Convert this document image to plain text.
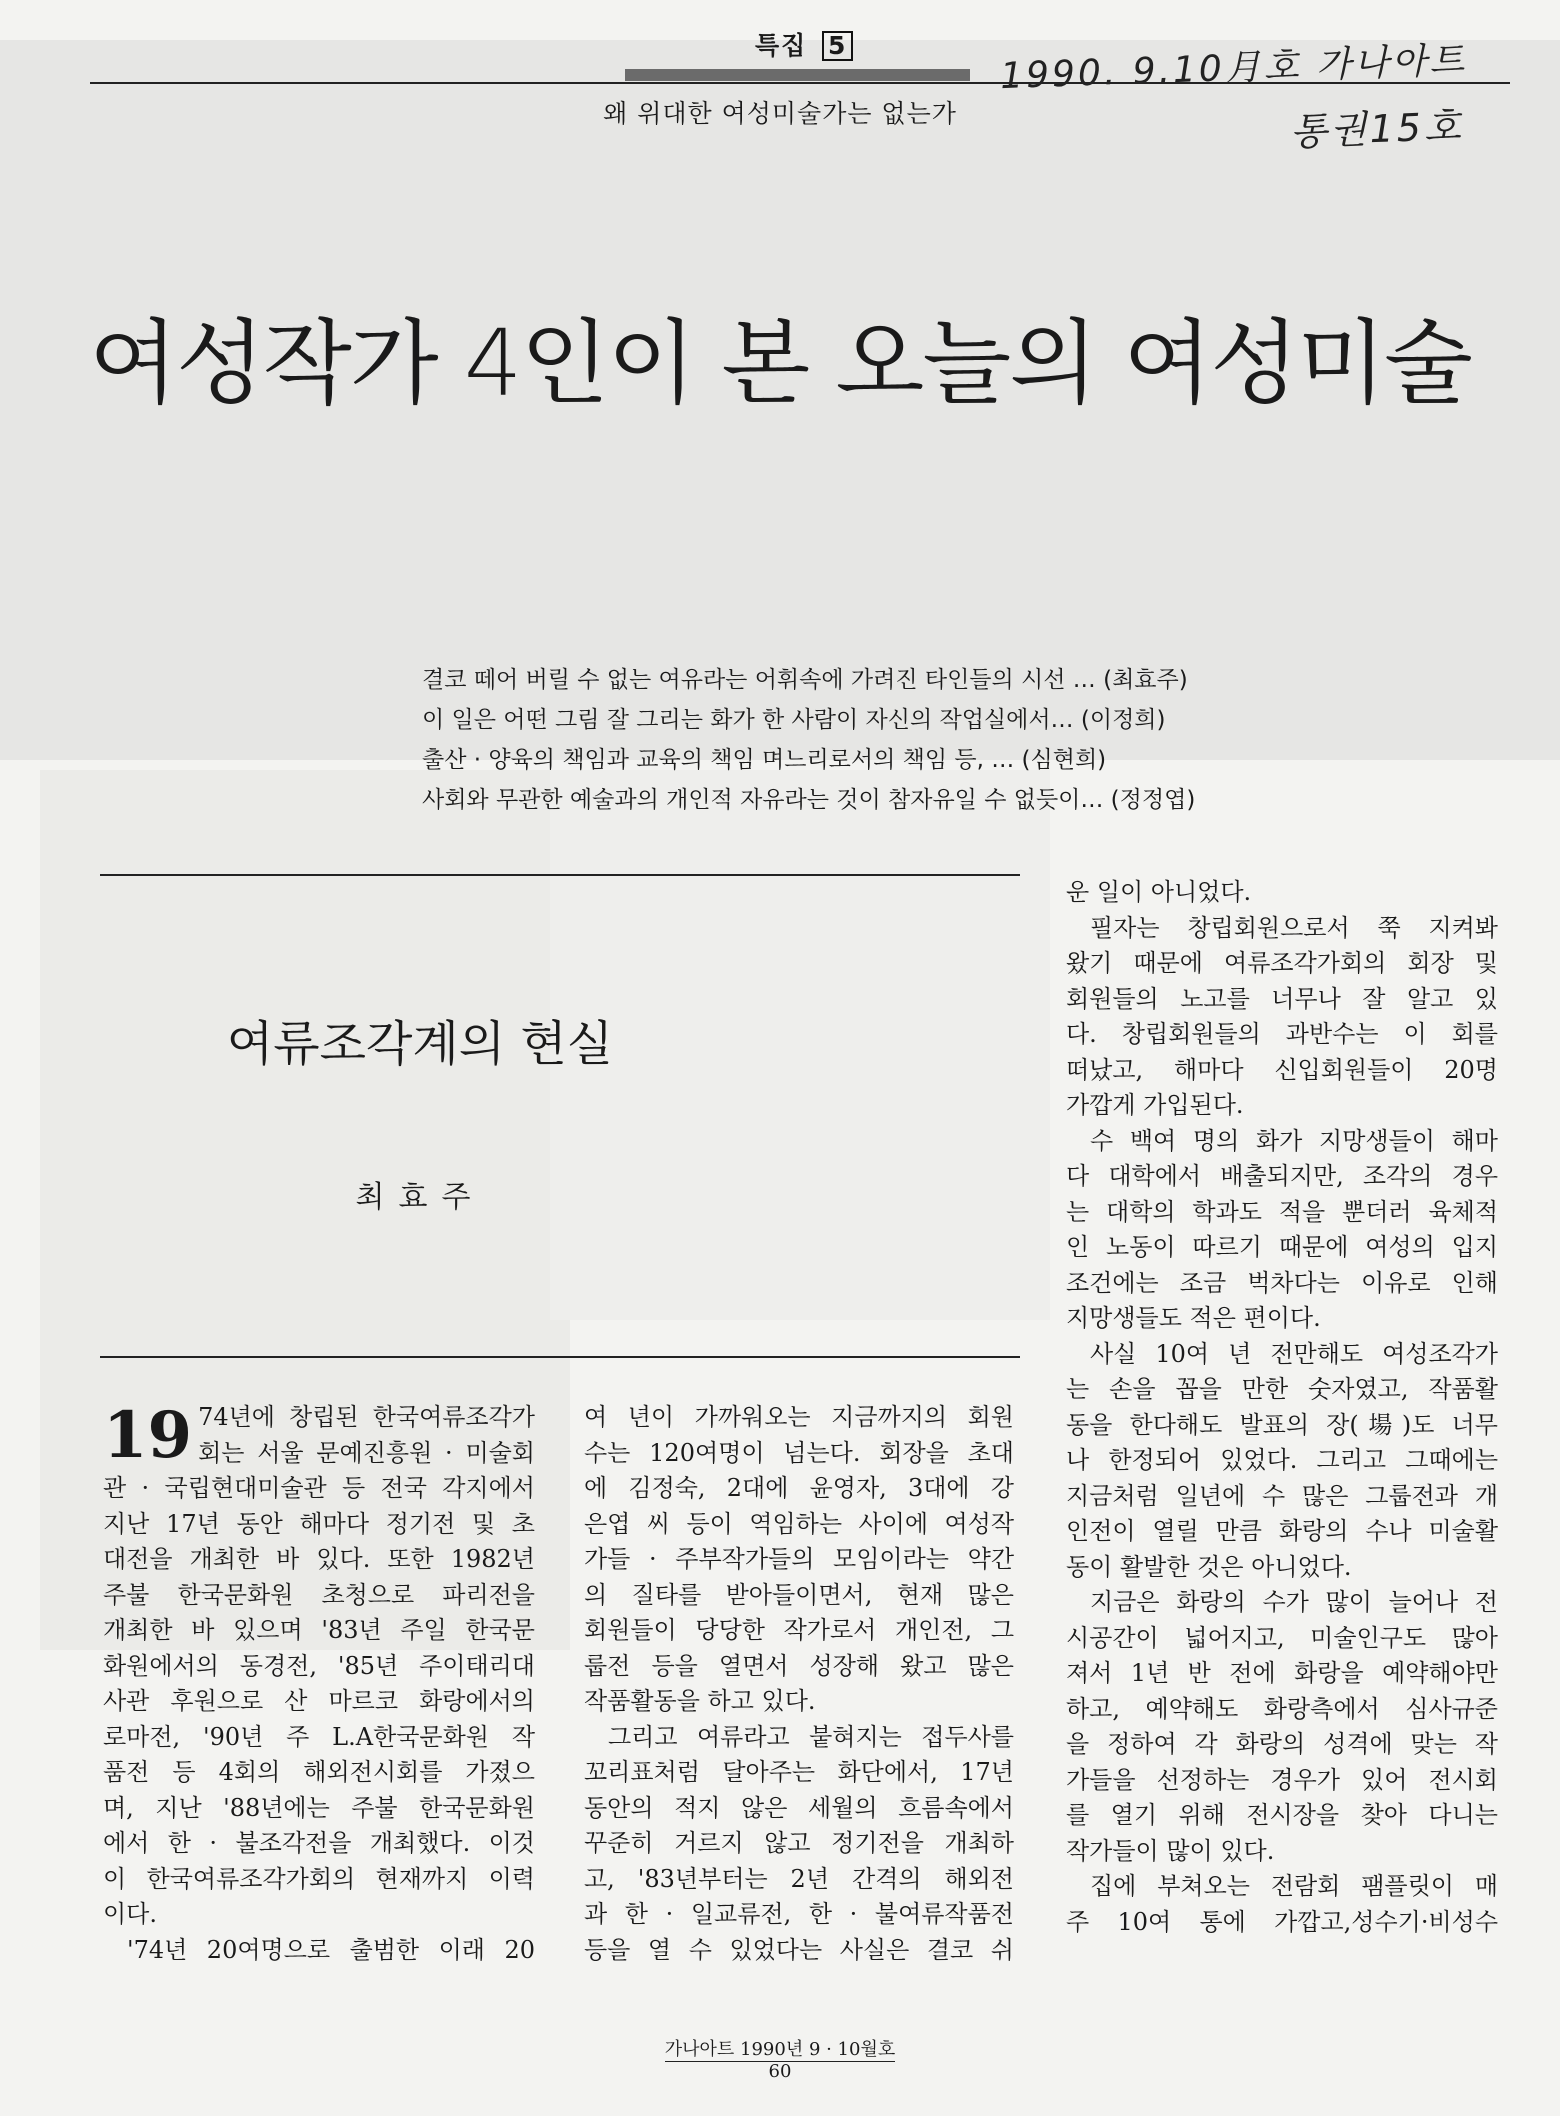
특집 5
왜 위대한 여성미술가는 없는가
1990. 9.10月호 가나아트
통권15호
여성작가 4인이 본 오늘의 여성미술
결코 떼어 버릴 수 없는 여유라는 어휘속에 가려진 타인들의 시선 … (최효주)
이 일은 어떤 그림 잘 그리는 화가 한 사람이 자신의 작업실에서… (이정희)
출산 · 양육의 책임과 교육의 책임 며느리로서의 책임 등, … (심현희)
사회와 무관한 예술과의 개인적 자유라는 것이 참자유일 수 없듯이… (정정엽)
여류조각계의 현실
최효주
19 74년에 창립된 한국여류조각가

회는 서울 문예진흥원 · 미술회

관 · 국립현대미술관 등 전국 각지에서

지난 17년 동안 해마다 정기전 및 초

대전을 개최한 바 있다. 또한 1982년

주불 한국문화원 초청으로 파리전을

개최한 바 있으며 '83년 주일 한국문

화원에서의 동경전, '85년 주이태리대

사관 후원으로 산 마르코 화랑에서의

로마전, '90년 주 L.A한국문화원 작

품전 등 4회의 해외전시회를 가졌으

며, 지난 '88년에는 주불 한국문화원

에서 한 · 불조각전을 개최했다. 이것

이 한국여류조각가회의 현재까지 이력

이다.

'74년 20여명으로 출범한 이래 20

여 년이 가까워오는 지금까지의 회원

수는 120여명이 넘는다. 회장을 초대

에 김정숙, 2대에 윤영자, 3대에 강

은엽 씨 등이 역임하는 사이에 여성작

가들 · 주부작가들의 모임이라는 약간

의 질타를 받아들이면서, 현재 많은

회원들이 당당한 작가로서 개인전, 그

룹전 등을 열면서 성장해 왔고 많은

작품활동을 하고 있다.

그리고 여류라고 붙혀지는 접두사를

꼬리표처럼 달아주는 화단에서, 17년

동안의 적지 않은 세월의 흐름속에서

꾸준히 거르지 않고 정기전을 개최하

고, '83년부터는 2년 간격의 해외전

과 한 · 일교류전, 한 · 불여류작품전

등을 열 수 있었다는 사실은 결코 쉬

운 일이 아니었다.

필자는 창립회원으로서 쭉 지켜봐

왔기 때문에 여류조각가회의 회장 및

회원들의 노고를 너무나 잘 알고 있

다. 창립회원들의 과반수는 이 회를

떠났고, 해마다 신입회원들이 20명

가깝게 가입된다.

수 백여 명의 화가 지망생들이 해마

다 대학에서 배출되지만, 조각의 경우

는 대학의 학과도 적을 뿐더러 육체적

인 노동이 따르기 때문에 여성의 입지

조건에는 조금 벅차다는 이유로 인해

지망생들도 적은 편이다.

사실 10여 년 전만해도 여성조각가

는 손을 꼽을 만한 숫자였고, 작품활

동을 한다해도 발표의 장(場)도 너무

나 한정되어 있었다. 그리고 그때에는

지금처럼 일년에 수 많은 그룹전과 개

인전이 열릴 만큼 화랑의 수나 미술활

동이 활발한 것은 아니었다.

지금은 화랑의 수가 많이 늘어나 전

시공간이 넓어지고, 미술인구도 많아

져서 1년 반 전에 화랑을 예약해야만

하고, 예약해도 화랑측에서 심사규준

을 정하여 각 화랑의 성격에 맞는 작

가들을 선정하는 경우가 있어 전시회

를 열기 위해 전시장을 찾아 다니는

작가들이 많이 있다.

집에 부쳐오는 전람회 팸플릿이 매

주 10여 통에 가깝고,성수기·비성수

가나아트 1990년 9 · 10월호
60
